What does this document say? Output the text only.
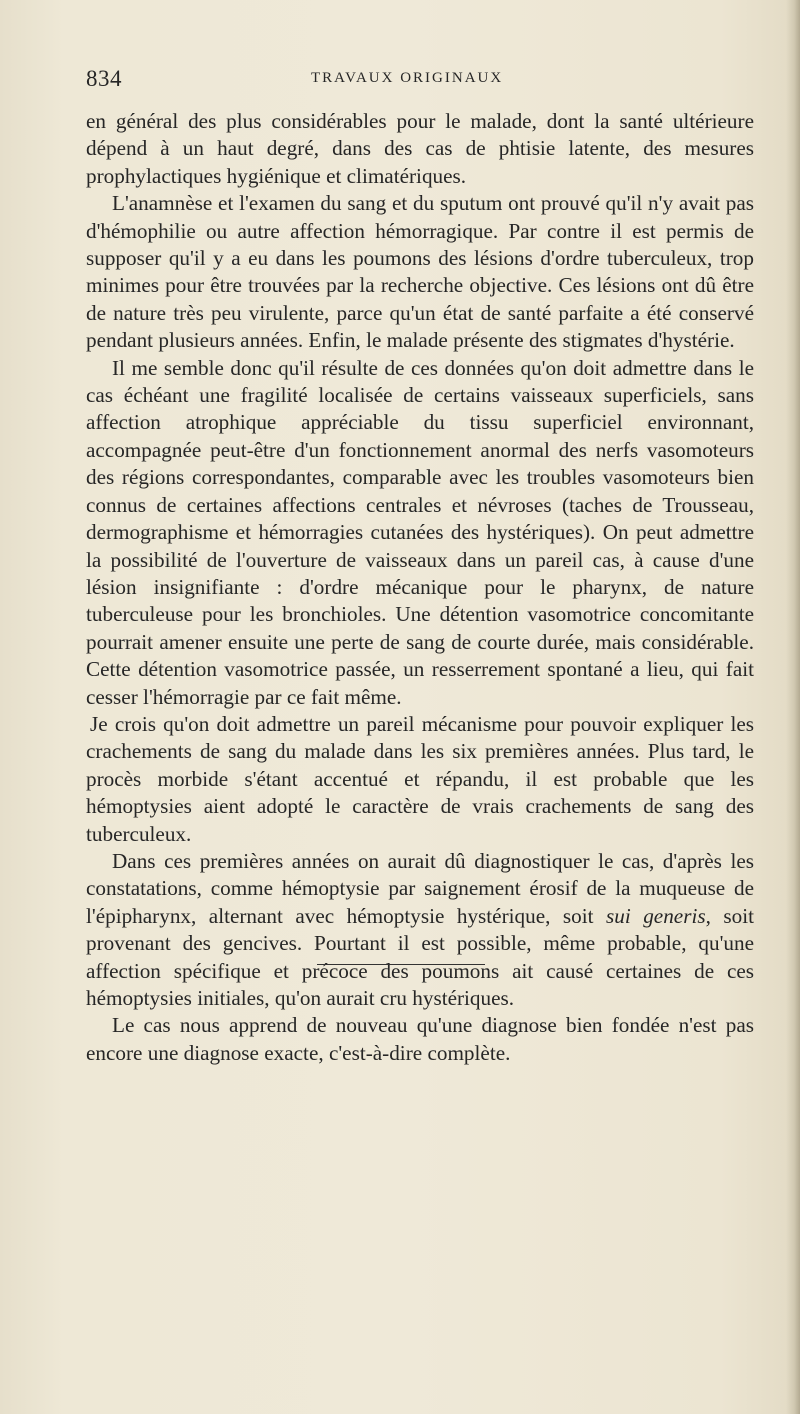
834	TRAVAUX ORIGINAUX

en général des plus considérables pour le malade, dont la santé ultérieure dépend à un haut degré, dans des cas de phtisie latente, des mesures prophylactiques hygiénique et climatériques.

L'anamnèse et l'examen du sang et du sputum ont prouvé qu'il n'y avait pas d'hémophilie ou autre affection hémorragique. Par contre il est permis de supposer qu'il y a eu dans les poumons des lésions d'ordre tuberculeux, trop minimes pour être trouvées par la recherche objective. Ces lésions ont dû être de nature très peu virulente, parce qu'un état de santé parfaite a été conservé pendant plusieurs années. Enfin, le malade présente des stigmates d'hystérie.

Il me semble donc qu'il résulte de ces données qu'on doit admettre dans le cas échéant une fragilité localisée de certains vaisseaux superficiels, sans affection atrophique appréciable du tissu superficiel environnant, accompagnée peut-être d'un fonctionnement anormal des nerfs vasomoteurs des régions correspondantes, comparable avec les troubles vasomoteurs bien connus de certaines affections centrales et névroses (taches de Trousseau, dermographisme et hémorragies cutanées des hystériques). On peut admettre la possibilité de l'ouverture de vaisseaux dans un pareil cas, à cause d'une lésion insignifiante : d'ordre mécanique pour le pharynx, de nature tuberculeuse pour les bronchioles. Une détention vasomotrice concomitante pourrait amener ensuite une perte de sang de courte durée, mais considérable. Cette détention vasomotrice passée, un resserrement spontané a lieu, qui fait cesser l'hémorragie par ce fait même.

Je crois qu'on doit admettre un pareil mécanisme pour pouvoir expliquer les crachements de sang du malade dans les six premières années. Plus tard, le procès morbide s'étant accentué et répandu, il est probable que les hémoptysies aient adopté le caractère de vrais crachements de sang des tuberculeux.

Dans ces premières années on aurait dû diagnostiquer le cas, d'après les constatations, comme hémoptysie par saignement érosif de la muqueuse de l'épipharynx, alternant avec hémoptysie hystérique, soit sui generis, soit provenant des gencives. Pourtant il est possible, même probable, qu'une affection spécifique et précoce des poumons ait causé certaines de ces hémoptysies initiales, qu'on aurait cru hystériques.

Le cas nous apprend de nouveau qu'une diagnose bien fondée n'est pas encore une diagnose exacte, c'est-à-dire complète.
